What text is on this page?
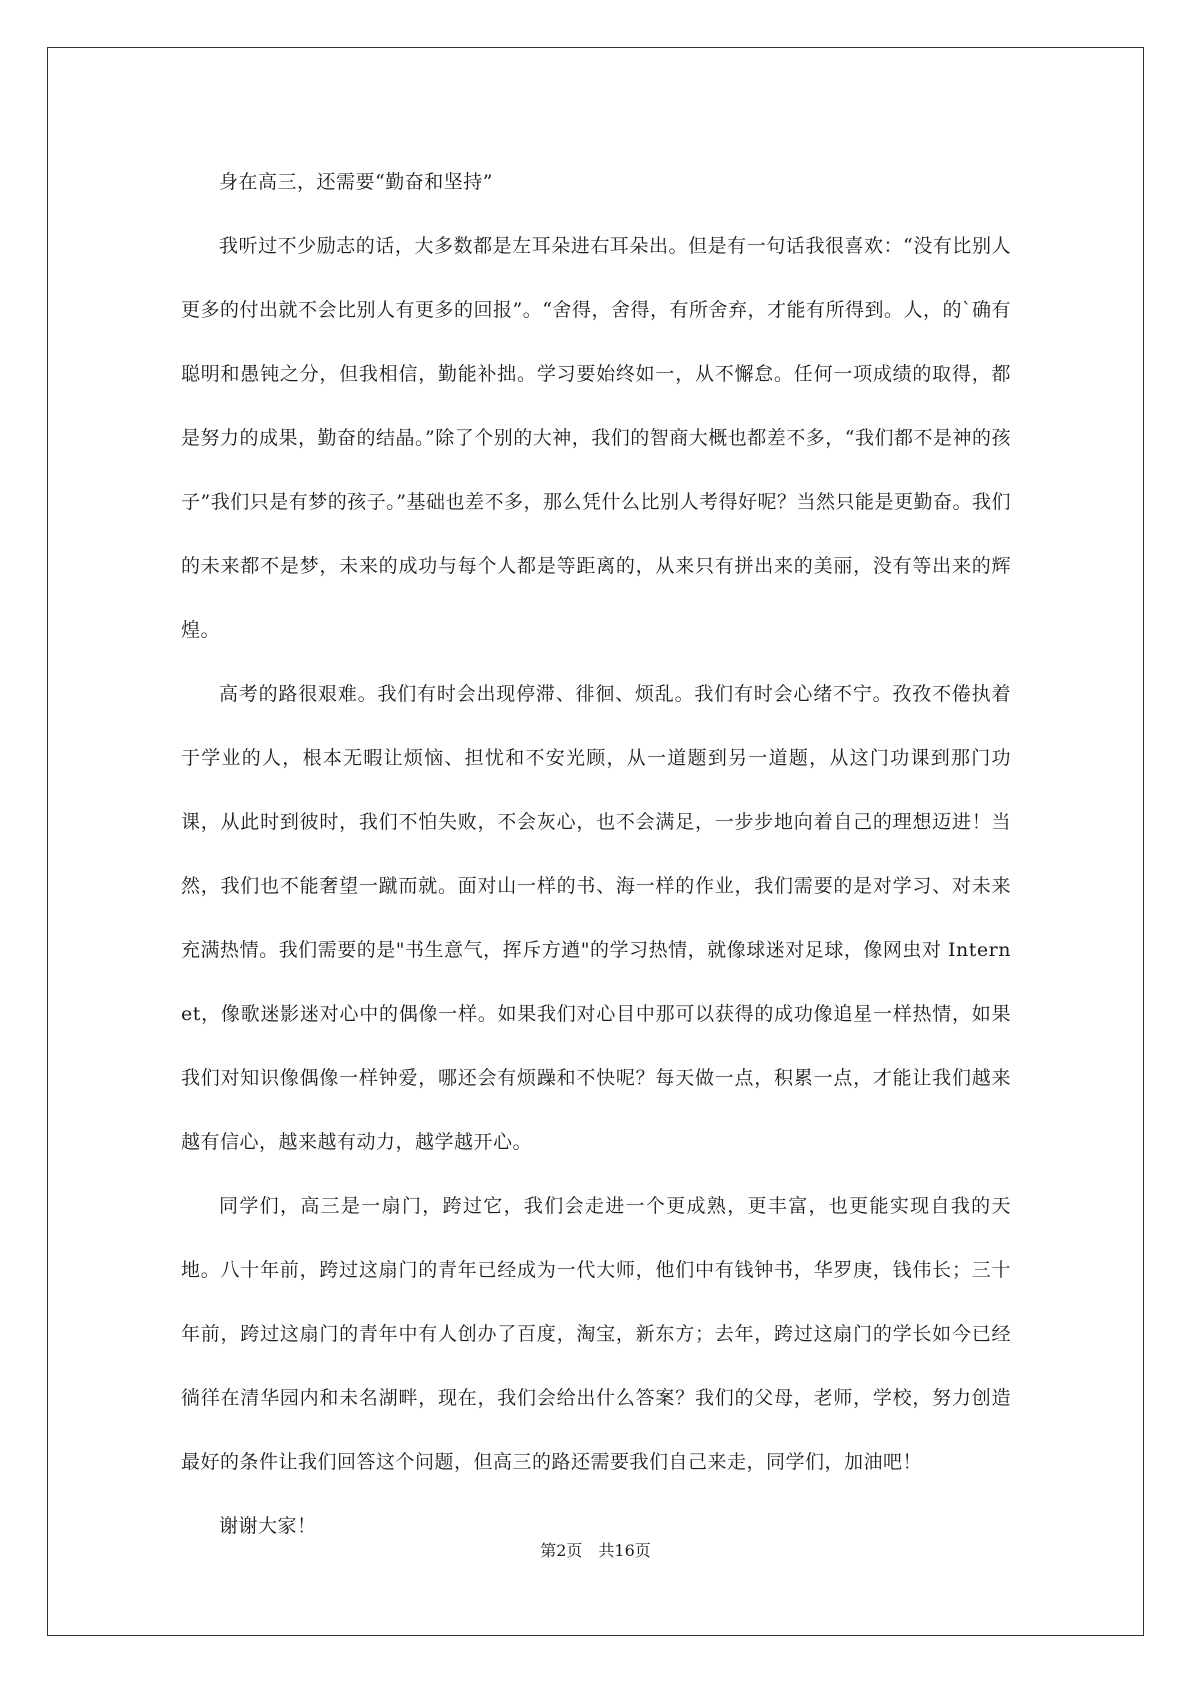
身在高三，还需要“勤奋和坚持”

我听过不少励志的话，大多数都是左耳朵进右耳朵出。但是有一句话我很喜欢：“没有比别人更多的付出就不会比别人有更多的回报”。“舍得，舍得，有所舍弃，才能有所得到。人，的`确有聪明和愚钝之分，但我相信，勤能补拙。学习要始终如一，从不懈怠。任何一项成绩的取得，都是努力的成果，勤奋的结晶。”除了个别的大神，我们的智商大概也都差不多，“我们都不是神的孩子”我们只是有梦的孩子。”基础也差不多，那么凭什么比别人考得好呢？当然只能是更勤奋。我们的未来都不是梦，未来的成功与每个人都是等距离的，从来只有拼出来的美丽，没有等出来的辉煌。

高考的路很艰难。我们有时会出现停滞、徘徊、烦乱。我们有时会心绪不宁。孜孜不倦执着于学业的人，根本无暇让烦恼、担忧和不安光顾，从一道题到另一道题，从这门功课到那门功课，从此时到彼时，我们不怕失败，不会灰心，也不会满足，一步步地向着自己的理想迈进！当然，我们也不能奢望一蹴而就。面对山一样的书、海一样的作业，我们需要的是对学习、对未来充满热情。我们需要的是"书生意气，挥斥方遒"的学习热情，就像球迷对足球，像网虫对 Internet，像歌迷影迷对心中的偶像一样。如果我们对心目中那可以获得的成功像追星一样热情，如果我们对知识像偶像一样钟爱，哪还会有烦躁和不快呢？每天做一点，积累一点，才能让我们越来越有信心，越来越有动力，越学越开心。

同学们，高三是一扇门，跨过它，我们会走进一个更成熟，更丰富，也更能实现自我的天地。八十年前，跨过这扇门的青年已经成为一代大师，他们中有钱钟书，华罗庚，钱伟长；三十年前，跨过这扇门的青年中有人创办了百度，淘宝，新东方；去年，跨过这扇门的学长如今已经徜徉在清华园内和未名湖畔，现在，我们会给出什么答案？我们的父母，老师，学校，努力创造最好的条件让我们回答这个问题，但高三的路还需要我们自己来走，同学们，加油吧！

谢谢大家！

第2页 共16页
